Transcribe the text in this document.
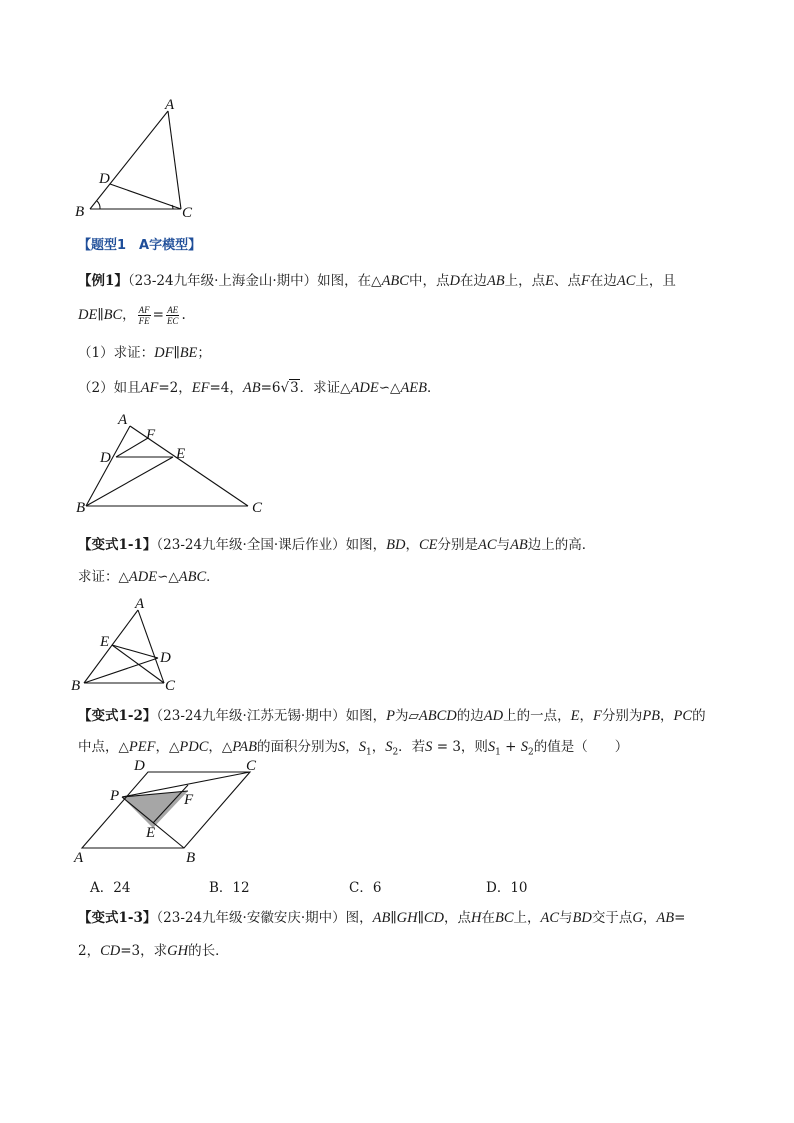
A
B	C
D
【题型1　A字模型】
【例1】（23-24九年级·上海金山·期中）如图，在△ABC中，点D在边AB上，点E、点F在边AC上，且
DE∥BC， $\frac{AF}{FE} = \frac{AE}{EC}$ .
（1）求证：DF∥BE；
（2）如且AF=2，EF=4，AB=6√3．求证△ADE∽△AEB．
A
F
D	E
B	C
【变式1-1】（23-24九年级·全国·课后作业）如图，BD，CE分别是AC与AB边上的高．
求证：△ADE∽△ABC．
A
E
D
B	C
【变式1-2】（23-24九年级·江苏无锡·期中）如图，P为▱ABCD的边AD上的一点，E，F分别为PB，PC的
中点，△PEF，△PDC，△PAB的面积分别为S，$S_1$，$S_2$．若S = 3，则$S_1 + S_2$的值是（　　）
D	C
P	F
E
A	B
A．24	B．12	C．6	D．10
【变式1-3】（23-24九年级·安徽安庆·期中）图，AB∥GH∥CD，点H在BC上，AC与BD交于点G，AB=
2，CD=3，求GH的长．
